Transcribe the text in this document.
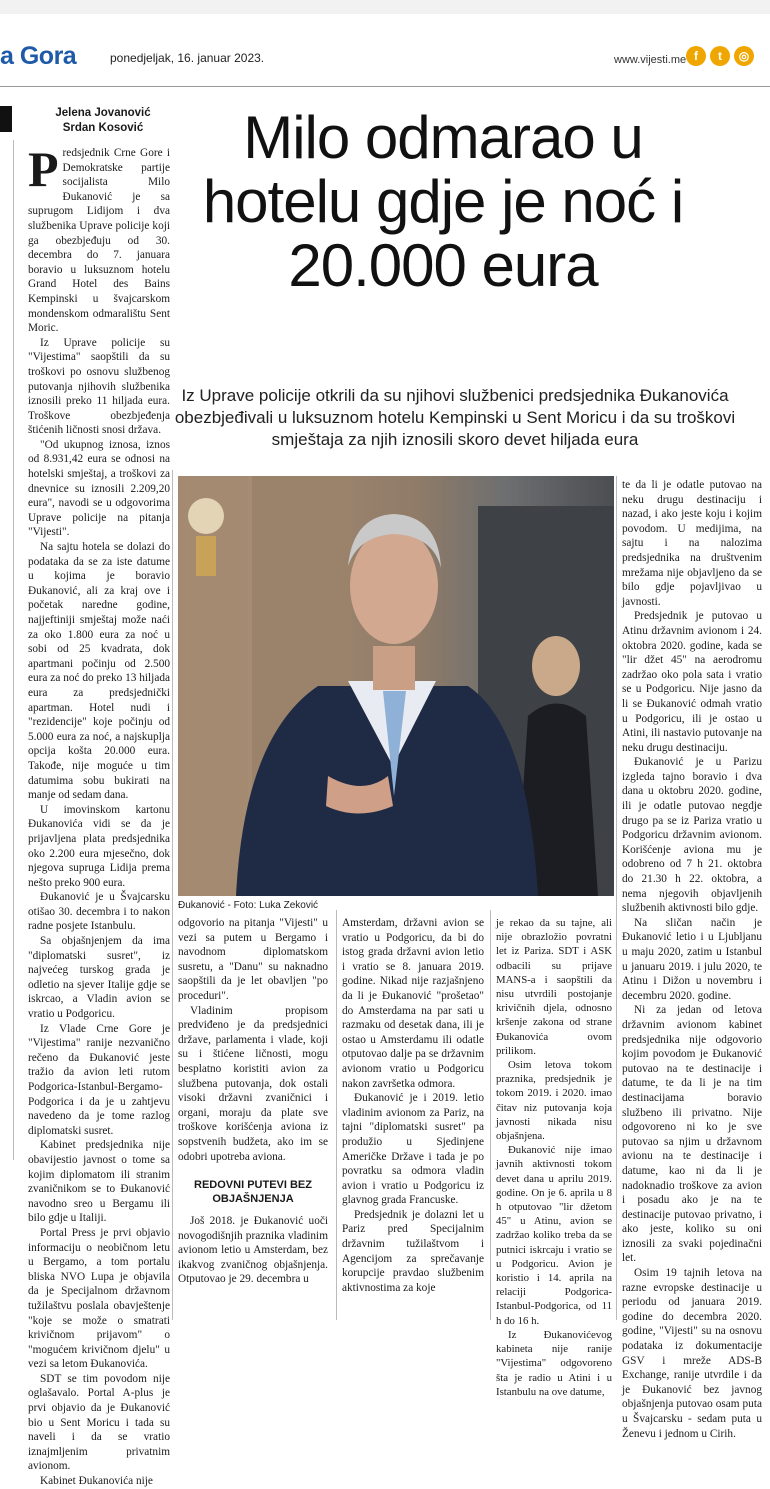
a Gora	ponedjeljak, 16. januar 2023.	www.vijesti.me f	t	◎
Jelena Jovanović
Srdan Kosović	Milo odmarao u hotelu gdje je noć i 20.000 eura
Iz Uprave policije otkrili da su njihovi službenici predsjednika Đukanovića obezbjeđivali u luksuznom hotelu Kempinski u Sent Moricu i da su troškovi smještaja za njih iznosili skoro devet hiljada eura

Predsjednik Crne Gore i Demokratske partije socijalista Milo Đukanović je sa suprugom Lidijom i dva službenika Uprave policije koji ga obezbjeđuju od 30. decembra do 7. januara boravio u luksuznom hotelu Grand Hotel des Bains Kempinski u švajcarskom mondenskom odmaralištu Sent Moric.

Iz Uprave policije su "Vijestima" saopštili da su troškovi po osnovu službenog putovanja njihovih službenika iznosili preko 11 hiljada eura. Troškove obezbjeđenja štićenih ličnosti snosi država.

"Od ukupnog iznosa, iznos od 8.931,42 eura se odnosi na hotelski smještaj, a troškovi za dnevnice su iznosili 2.209,20 eura", navodi se u odgovorima Uprave policije na pitanja "Vijesti".

Na sajtu hotela se dolazi do podataka da se za iste datume u kojima je boravio Đukanović, ali za kraj ove i početak naredne godine, najjeftiniji smještaj može naći za oko 1.800 eura za noć u sobi od 25 kvadrata, dok apartmani počinju od 2.500 eura za noć do preko 13 hiljada eura za predsjednički apartman. Hotel nudi i "rezidencije" koje počinju od 5.000 eura za noć, a najskuplja opcija košta 20.000 eura. Takođe, nije moguće u tim datumima sobu bukirati na manje od sedam dana.

U imovinskom kartonu Đukanovića vidi se da je prijavljena plata predsjednika oko 2.200 eura mjesečno, dok njegova supruga Lidija prema nešto preko 900 eura.

Đukanović je u Švajcarsku otišao 30. decembra i to nakon radne posjete Istanbulu.

Sa objašnjenjem da ima "diplomatski susret", iz najvećeg turskog grada je odletio na sjever Italije gdje se iskrcao, a Vladin avion se vratio u Podgoricu.

Iz Vlade Crne Gore je "Vijestima" ranije nezvanično rečeno da Đukanović jeste tražio da avion leti rutom Podgorica-Istanbul-Bergamo-Podgorica i da je u zahtjevu navedeno da je tome razlog diplomatski susret.

Kabinet predsjednika nije obavijestio javnost o tome sa kojim diplomatom ili stranim zvaničnikom se to Đukanović navodno sreo u Bergamu ili bilo gdje u Italiji.

Portal Press je prvi objavio informaciju o neobičnom letu u Bergamo, a tom portalu bliska NVO Lupa je objavila da je Specijalnom državnom tužilaštvu poslala obavještenje "koje se može o smatrati krivičnom prijavom" o "mogućem krivičnom djelu" u vezi sa letom Đukanovića.

SDT se tim povodom nije oglašavalo. Portal A-plus je prvi objavio da je Đukanović bio u Sent Moricu i tada su naveli i da se vratio iznajmljenim privatnim avionom.

Kabinet Đukanovića nije

Đukanović - Foto: Luka Zeković

odgovorio na pitanja "Vijesti" u vezi sa putem u Bergamo i navodnom diplomatskom susretu, a "Danu" su naknadno saopštili da je let obavljen "po proceduri".

Vladinim propisom predviđeno je da predsjednici države, parlamenta i vlade, koji su i štićene ličnosti, mogu besplatno koristiti avion za službena putovanja, dok ostali visoki državni zvaničnici i organi, moraju da plate sve troškove korišćenja aviona iz sopstvenih budžeta, ako im se odobri upotreba aviona.

REDOVNI PUTEVI BEZ OBJAŠNJENJA

Još 2018. je Đukanović uoči novogodišnjih praznika vladinim avionom letio u Amsterdam, bez ikakvog zvaničnog objašnjenja. Otputovao je 29. decembra u

Amsterdam, državni avion se vratio u Podgoricu, da bi do istog grada državni avion letio i vratio se 8. januara 2019. godine. Nikad nije razjašnjeno da li je Đukanović "prošetao" do Amsterdama na par sati u razmaku od desetak dana, ili je ostao u Amsterdamu ili odatle otputovao dalje pa se državnim avionom vratio u Podgoricu nakon završetka odmora.

Đukanović je i 2019. letio vladinim avionom za Pariz, na tajni "diplomatski susret" pa produžio u Sjedinjene Američke Države i tada je po povratku sa odmora vladin avion i vratio u Podgoricu iz glavnog grada Francuske.

Predsjednik je dolazni let u Pariz pred Specijalnim državnim tužilaštvom i Agencijom za sprečavanje korupcije pravdao službenim aktivnostima za koje

je rekao da su tajne, ali nije obrazložio povratni let iz Pariza. SDT i ASK odbacili su prijave MANS-a i saopštili da nisu utvrdili postojanje krivičnih djela, odnosno kršenje zakona od strane Đukanovića ovom prilikom.

Osim letova tokom praznika, predsjednik je tokom 2019. i 2020. imao čitav niz putovanja koja javnosti nikada nisu objašnjena.

Đukanović nije imao javnih aktivnosti tokom devet dana u aprilu 2019. godine. On je 6. aprila u 8 h otputovao "lir džetom 45" u Atinu, avion se zadržao koliko treba da se putnici iskrcaju i vratio se u Podgoricu. Avion je koristio i 14. aprila na relaciji Podgorica-Istanbul-Podgorica, od 11 h do 16 h.

Iz Đukanovićevog kabineta nije ranije "Vijestima" odgovoreno šta je radio u Atini i u Istanbulu na ove datume,

te da li je odatle putovao na neku drugu destinaciju i nazad, i ako jeste koju i kojim povodom. U medijima, na sajtu i na nalozima predsjednika na društvenim mrežama nije objavljeno da se bilo gdje pojavljivao u javnosti.

Predsjednik je putovao u Atinu državnim avionom i 24. oktobra 2020. godine, kada se "lir džet 45" na aerodromu zadržao oko pola sata i vratio se u Podgoricu. Nije jasno da li se Đukanović odmah vratio u Podgoricu, ili je ostao u Atini, ili nastavio putovanje na neku drugu destinaciju.

Đukanović je u Parizu izgleda tajno boravio i dva dana u oktobru 2020. godine, ili je odatle putovao negdje drugo pa se iz Pariza vratio u Podgoricu državnim avionom. Korišćenje aviona mu je odobreno od 7 h 21. oktobra do 21.30 h 22. oktobra, a nema njegovih objavljenih službenih aktivnosti bilo gdje.

Na sličan način je Đukanović letio i u Ljubljanu u maju 2020, zatim u Istanbul u januaru 2019. i julu 2020, te Atinu i Dižon u novembru i decembru 2020. godine.

Ni za jedan od letova državnim avionom kabinet predsjednika nije odgovorio kojim povodom je Đukanović putovao na te destinacije i datume, te da li je na tim destinacijama boravio službeno ili privatno. Nije odgovoreno ni ko je sve putovao sa njim u državnom avionu na te destinacije i datume, kao ni da li je nadoknadio troškove za avion i posadu ako je na te destinacije putovao privatno, i ako jeste, koliko su oni iznosili za svaki pojedinačni let.

Osim 19 tajnih letova na razne evropske destinacije u periodu od januara 2019. godine do decembra 2020. godine, "Vijesti" su na osnovu podataka iz dokumentacije GSV i mreže ADS-B Exchange, ranije utvrdile i da je Đukanović bez javnog objašnjenja putovao osam puta u Švajcarsku - sedam puta u Ženevu i jednom u Cirih.
